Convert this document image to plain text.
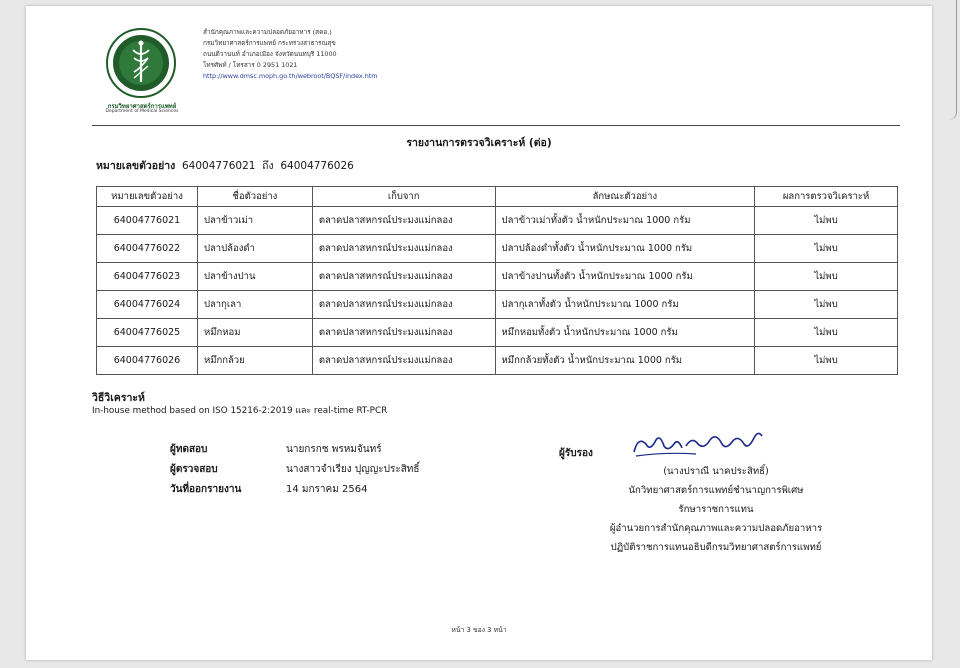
กรมวิทยาศาสตร์การแพทย์
Department of Medical Sciences
สำนักคุณภาพและความปลอดภัยอาหาร (สคอ.)
กรมวิทยาศาสตร์การแพทย์ กระทรวงสาธารณสุข
ถนนติวานนท์ อำเภอเมือง จังหวัดนนทบุรี 11000
โทรศัพท์ / โทรสาร 0 2951 1021
http://www.dmsc.moph.go.th/webroot/BQSF/index.htm
รายงานการตรวจวิเคราะห์ (ต่อ)
หมายเลขตัวอย่าง 64004776021 ถึง 64004776026
หมายเลขตัวอย่าง	ชื่อตัวอย่าง	เก็บจาก	ลักษณะตัวอย่าง	ผลการตรวจวิเคราะห์
64004776021	ปลาข้าวเม่า	ตลาดปลาสหกรณ์ประมงแม่กลอง	ปลาข้าวเม่าทั้งตัว น้ำหนักประมาณ 1000 กรัม	ไม่พบ
64004776022	ปลาปล้องดำ	ตลาดปลาสหกรณ์ประมงแม่กลอง	ปลาปล้องดำทั้งตัว น้ำหนักประมาณ 1000 กรัม	ไม่พบ
64004776023	ปลาข้างปาน	ตลาดปลาสหกรณ์ประมงแม่กลอง	ปลาข้างปานทั้งตัว น้ำหนักประมาณ 1000 กรัม	ไม่พบ
64004776024	ปลากุเลา	ตลาดปลาสหกรณ์ประมงแม่กลอง	ปลากุเลาทั้งตัว น้ำหนักประมาณ 1000 กรัม	ไม่พบ
64004776025	หมึกหอม	ตลาดปลาสหกรณ์ประมงแม่กลอง	หมึกหอมทั้งตัว น้ำหนักประมาณ 1000 กรัม	ไม่พบ
64004776026	หมึกกล้วย	ตลาดปลาสหกรณ์ประมงแม่กลอง	หมึกกล้วยทั้งตัว น้ำหนักประมาณ 1000 กรัม	ไม่พบ
วิธีวิเคราะห์
In-house method based on ISO 15216-2:2019 และ real-time RT-PCR
ผู้ทดสอบ	นายกรกช พรหมจันทร์
ผู้ตรวจสอบ	นางสาวจำเรียง ปุญญะประสิทธิ์
วันที่ออกรายงาน	14 มกราคม 2564
ผู้รับรอง
(นางปราณี นาคประสิทธิ์)
นักวิทยาศาสตร์การแพทย์ชำนาญการพิเศษ
รักษาราชการแทน
ผู้อำนวยการสำนักคุณภาพและความปลอดภัยอาหาร
ปฏิบัติราชการแทนอธิบดีกรมวิทยาศาสตร์การแพทย์
หน้า 3 ของ 3 หน้า
